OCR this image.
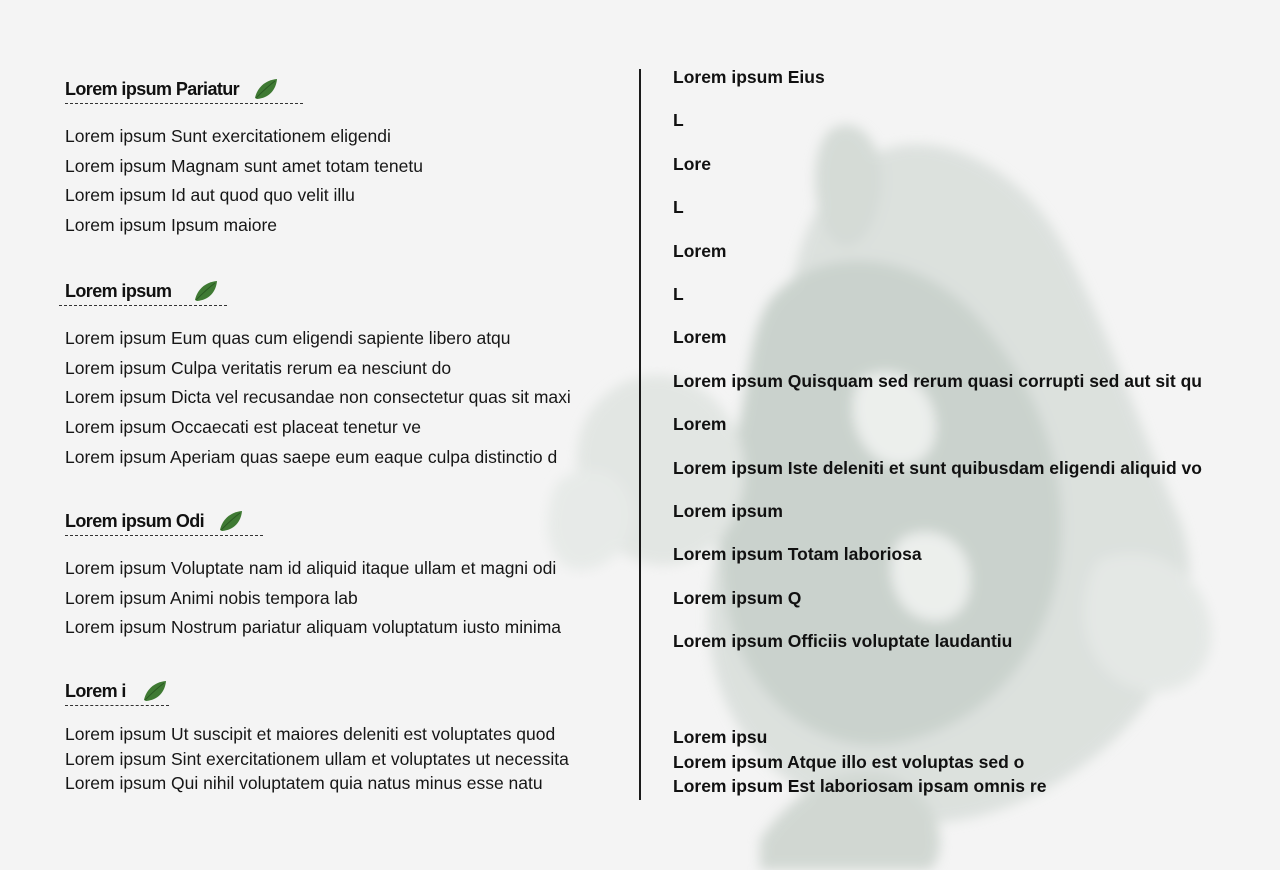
Lorem ipsum Pariatur
Lorem ipsum Sunt exercitationem eligendi
Lorem ipsum Magnam sunt amet totam tenetu
Lorem ipsum Id aut quod quo velit illu
Lorem ipsum Ipsum maiore
Lorem ipsum
Lorem ipsum Eum quas cum eligendi sapiente libero atqu
Lorem ipsum Culpa veritatis rerum ea nesciunt do
Lorem ipsum Dicta vel recusandae non consectetur quas sit maxi
Lorem ipsum Occaecati est placeat tenetur ve
Lorem ipsum Aperiam quas saepe eum eaque culpa distinctio d
Lorem ipsum Odi
Lorem ipsum Voluptate nam id aliquid itaque ullam et magni odi
Lorem ipsum Animi nobis tempora lab
Lorem ipsum Nostrum pariatur aliquam voluptatum iusto minima
Lorem i
Lorem ipsum Ut suscipit et maiores deleniti est voluptates quod
Lorem ipsum Sint exercitationem ullam et voluptates ut necessita
Lorem ipsum Qui nihil voluptatem quia natus minus esse natu
Lorem ipsum Eius
L
Lore
L
Lorem
L
Lorem
Lorem ipsum Quisquam sed rerum quasi corrupti sed aut sit qu
Lorem
Lorem ipsum Iste deleniti et sunt quibusdam eligendi aliquid vo
Lorem ipsum
Lorem ipsum Totam laboriosa
Lorem ipsum Q
Lorem ipsum Officiis voluptate laudantiu
Lorem ipsu
Lorem ipsum Atque illo est voluptas sed o
Lorem ipsum Est laboriosam ipsam omnis re
